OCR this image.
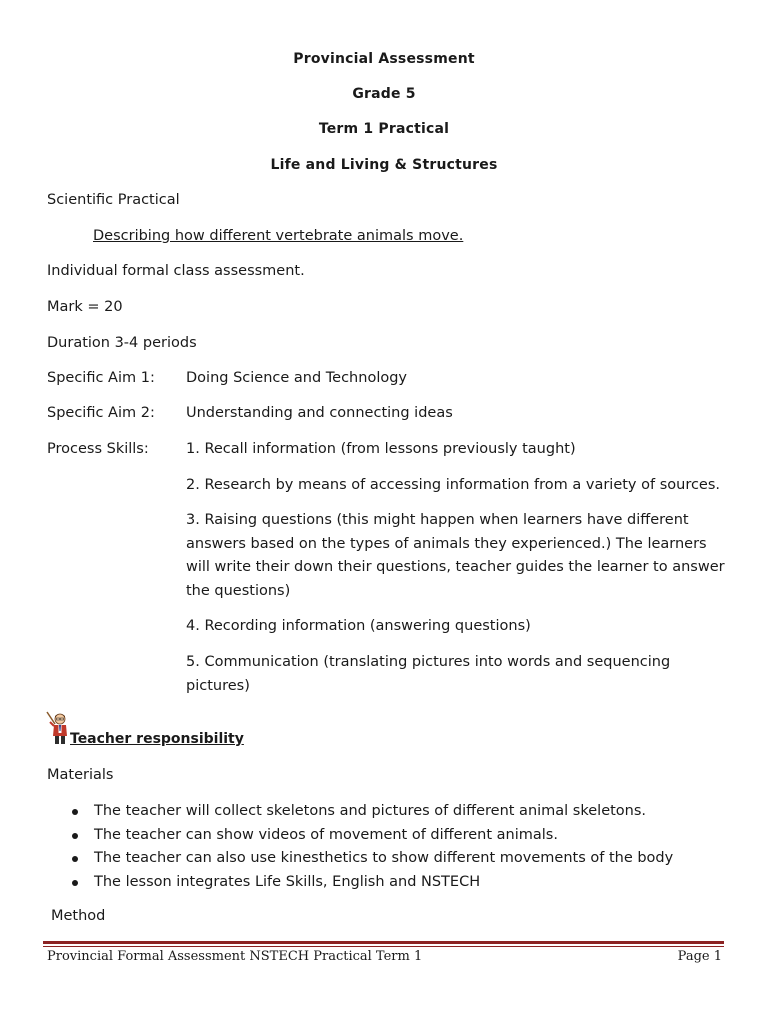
Provincial Assessment
Grade 5
Term 1 Practical
Life and Living & Structures
Scientific Practical
Describing how different vertebrate animals move.
Individual formal class assessment.
Mark = 20
Duration 3-4 periods
Specific Aim 1: Doing Science and Technology
Specific Aim 2: Understanding and connecting ideas
Process Skills:	1. Recall information (from lessons previously taught)
2. Research by means of accessing information from a variety of sources.
3. Raising questions (this might happen when learners have different answers based on the types of animals they experienced.) The learners will write their down their questions, teacher guides the learner to answer the questions)
4. Recording information (answering questions)
5. Communication (translating pictures into words and sequencing pictures)
Teacher responsibility
Materials
The teacher will collect skeletons and pictures of different animal skeletons.
The teacher can show videos of movement of different animals.
The teacher can also use kinesthetics to show different movements of the body
The lesson integrates Life Skills, English and NSTECH
Method
Provincial Formal Assessment NSTECH Practical Term 1	Page 1
